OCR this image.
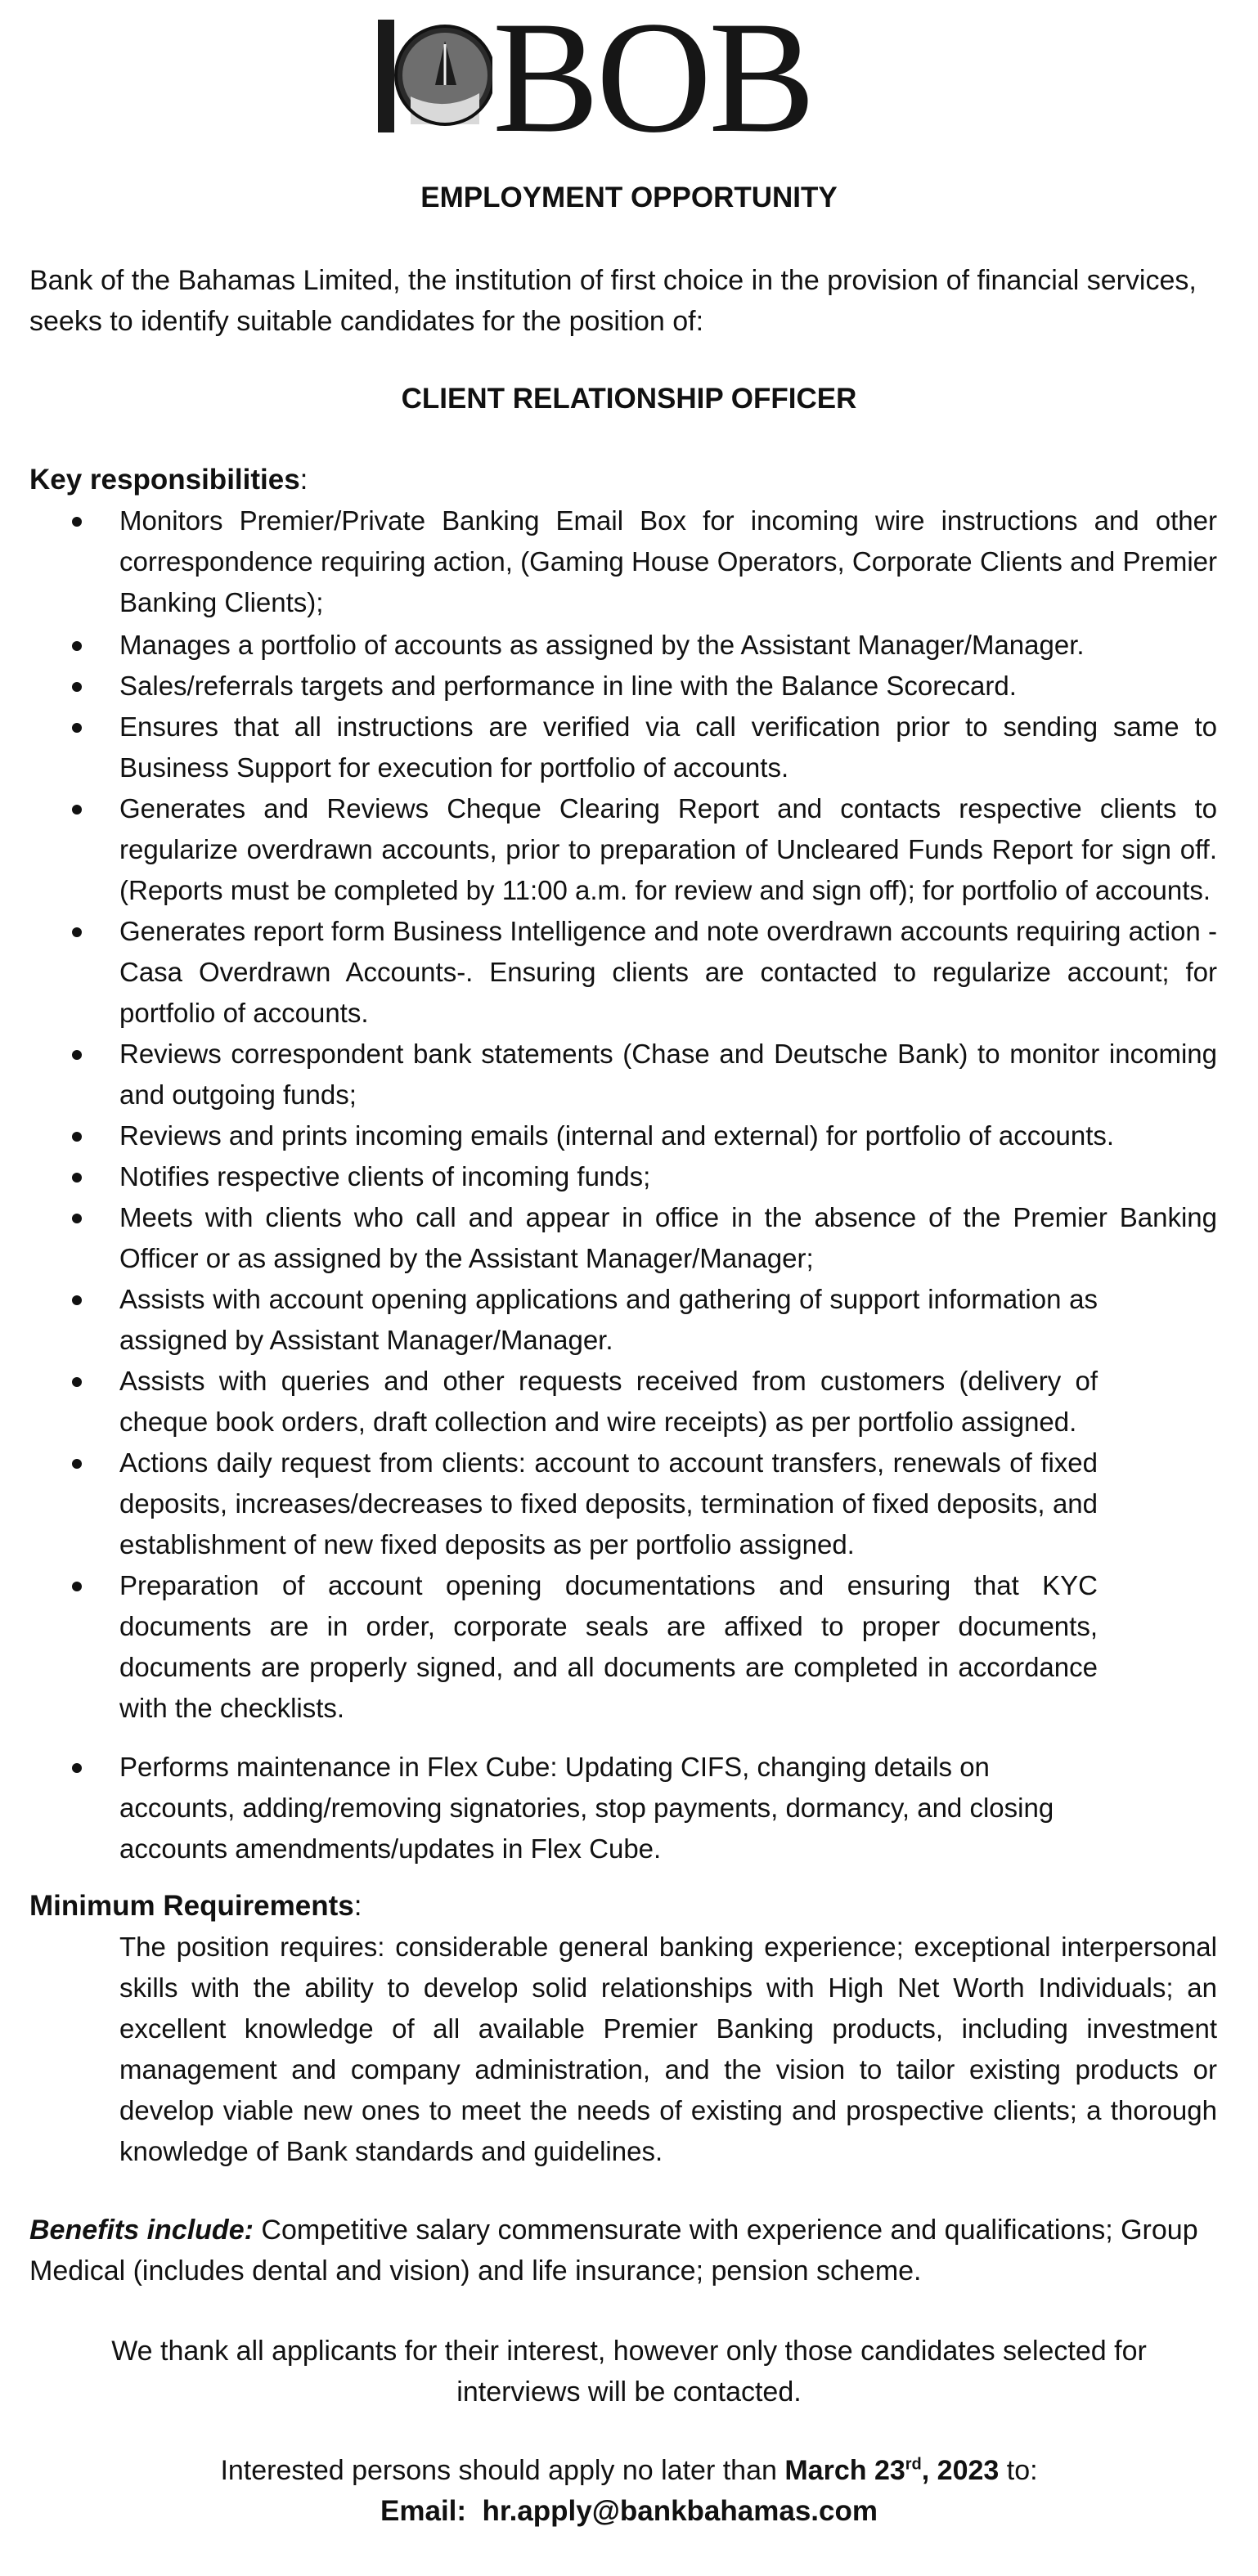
BOB
EMPLOYMENT OPPORTUNITY
Bank of the Bahamas Limited, the institution of first choice in the provision of financial services, seeks to identify suitable candidates for the position of:
CLIENT RELATIONSHIP OFFICER
Key responsibilities:
Monitors Premier/Private Banking Email Box for incoming wire instructions and other correspondence requiring action, (Gaming House Operators, Corporate Clients and Premier Banking Clients);
Manages a portfolio of accounts as assigned by the Assistant Manager/Manager.
Sales/referrals targets and performance in line with the Balance Scorecard.
Ensures that all instructions are verified via call verification prior to sending same to Business Support for execution for portfolio of accounts.
Generates and Reviews Cheque Clearing Report and contacts respective clients to regularize overdrawn accounts, prior to preparation of Uncleared Funds Report for sign off. (Reports must be completed by 11:00 a.m. for review and sign off); for portfolio of accounts.
Generates report form Business Intelligence and note overdrawn accounts requiring action - Casa Overdrawn Accounts-. Ensuring clients are contacted to regularize account; for portfolio of accounts.
Reviews correspondent bank statements (Chase and Deutsche Bank) to monitor incoming and outgoing funds;
Reviews and prints incoming emails (internal and external) for portfolio of accounts.
Notifies respective clients of incoming funds;
Meets with clients who call and appear in office in the absence of the Premier Banking Officer or as assigned by the Assistant Manager/Manager;
Assists with account opening applications and gathering of support information as assigned by Assistant Manager/Manager.
Assists with queries and other requests received from customers (delivery of cheque book orders, draft collection and wire receipts) as per portfolio assigned.
Actions daily request from clients: account to account transfers, renewals of fixed deposits, increases/decreases to fixed deposits, termination of fixed deposits, and establishment of new fixed deposits as per portfolio assigned.
Preparation of account opening documentations and ensuring that KYC documents are in order, corporate seals are affixed to proper documents, documents are properly signed, and all documents are completed in accordance with the checklists.
Performs maintenance in Flex Cube: Updating CIFS, changing details on accounts, adding/removing signatories, stop payments, dormancy, and closing accounts amendments/updates in Flex Cube.
Minimum Requirements:
The position requires: considerable general banking experience; exceptional interpersonal skills with the ability to develop solid relationships with High Net Worth Individuals; an excellent knowledge of all available Premier Banking products, including investment management and company administration, and the vision to tailor existing products or develop viable new ones to meet the needs of existing and prospective clients; a thorough knowledge of Bank standards and guidelines.
Benefits include: Competitive salary commensurate with experience and qualifications; Group Medical (includes dental and vision) and life insurance; pension scheme.
We thank all applicants for their interest, however only those candidates selected for interviews will be contacted.
Interested persons should apply no later than March 23rd, 2023 to:
Email: hr.apply@bankbahamas.com
